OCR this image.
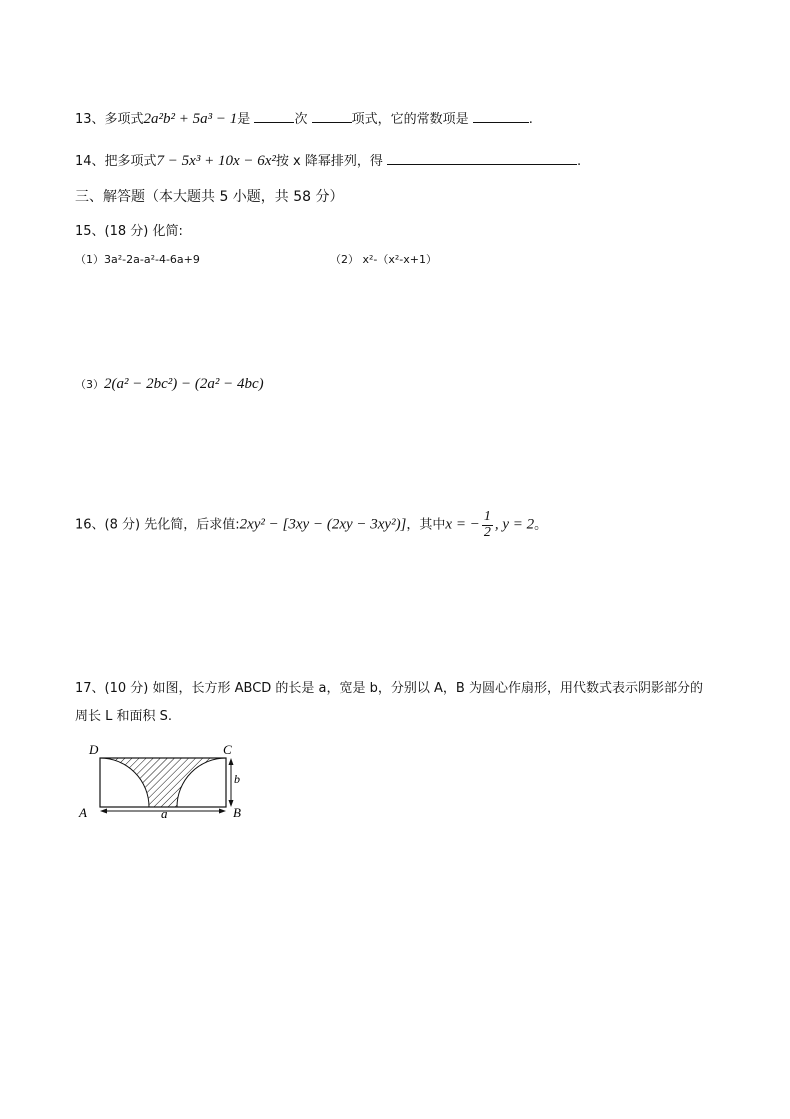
13、多项式2a²b² + 5a³ − 1是	次	项式，它的常数项是	.
14、把多项式7 − 5x³ + 10x − 6x²按 x 降幂排列，得	.
三、解答题（本大题共 5 小题，共 58 分）
15、(18 分) 化简:
（1）3a²-2a-a²-4-6a+9	（2） x²-（x²-x+1）
（3）2(a² − 2bc²) − (2a² − 4bc)
16、(8 分) 先化简，后求值:2xy² − [3xy − (2xy − 3xy²)]，其中x = − $\frac{1}{2}$ , y = 2。
17、(10 分) 如图，长方形 ABCD 的长是 a，宽是 b，分别以 A，B 为圆心作扇形，用代数式表示阴影部分的
周长 L 和面积 S.
D	C
A	B
a
b
